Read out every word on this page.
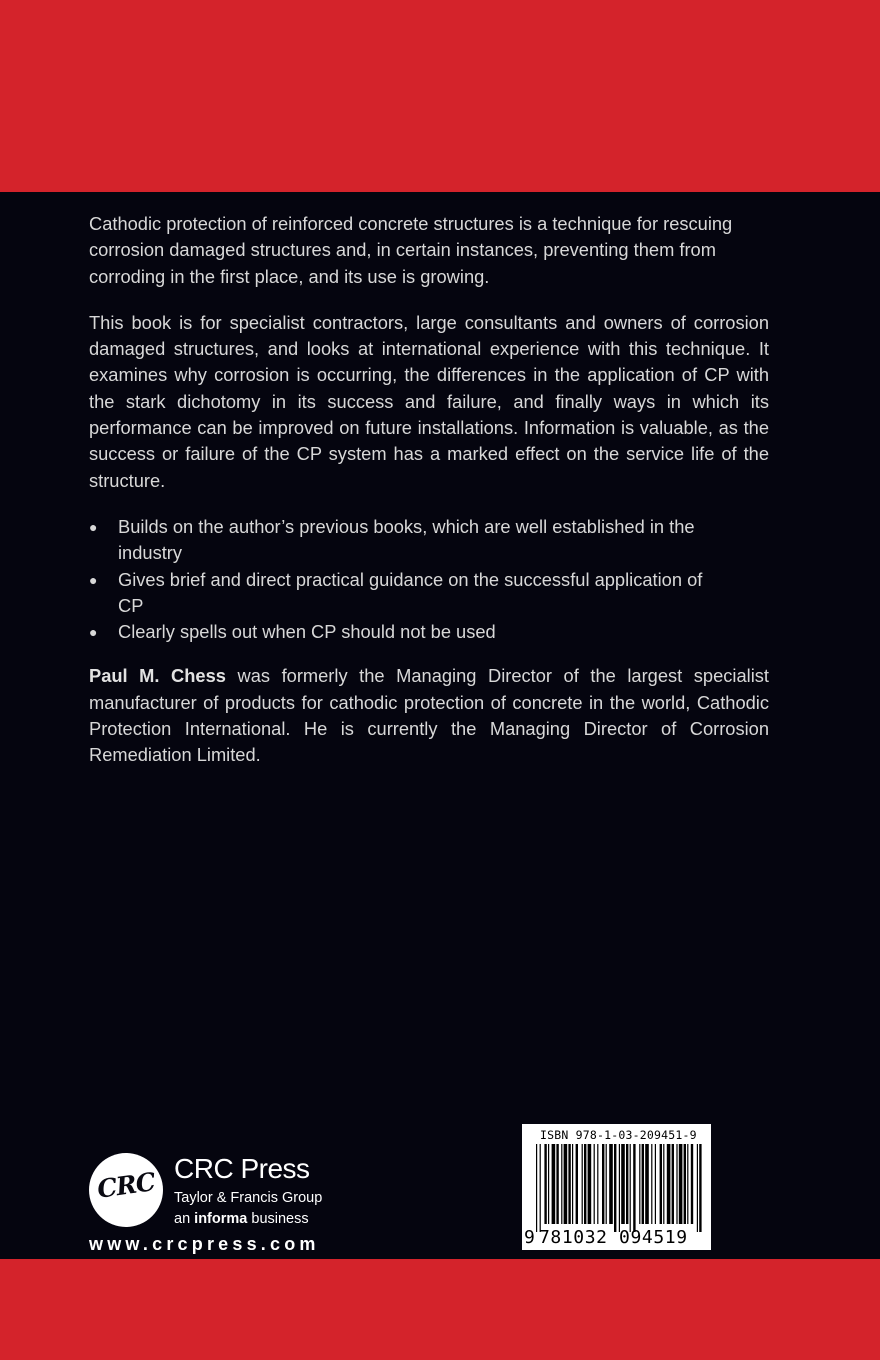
Cathodic protection of reinforced concrete structures is a technique for rescuing corrosion damaged structures and, in certain instances, preventing them from corroding in the first place, and its use is growing.

This book is for specialist contractors, large consultants and owners of corrosion damaged structures, and looks at international experience with this technique. It examines why corrosion is occurring, the differences in the application of CP with the stark dichotomy in its success and failure, and finally ways in which its performance can be improved on future installations. Information is valuable, as the success or failure of the CP system has a marked effect on the service life of the structure.

● Builds on the author’s previous books, which are well established in the industry
● Gives brief and direct practical guidance on the successful application of CP
● Clearly spells out when CP should not be used

Paul M. Chess was formerly the Managing Director of the largest specialist manufacturer of products for cathodic protection of concrete in the world, Cathodic Protection International. He is currently the Managing Director of Corrosion Remediation Limited.

CRC CRC Press
Taylor & Francis Group
an informa business
www.crcpress.com
ISBN 978-1-03-209451-9
9 781032 094519
